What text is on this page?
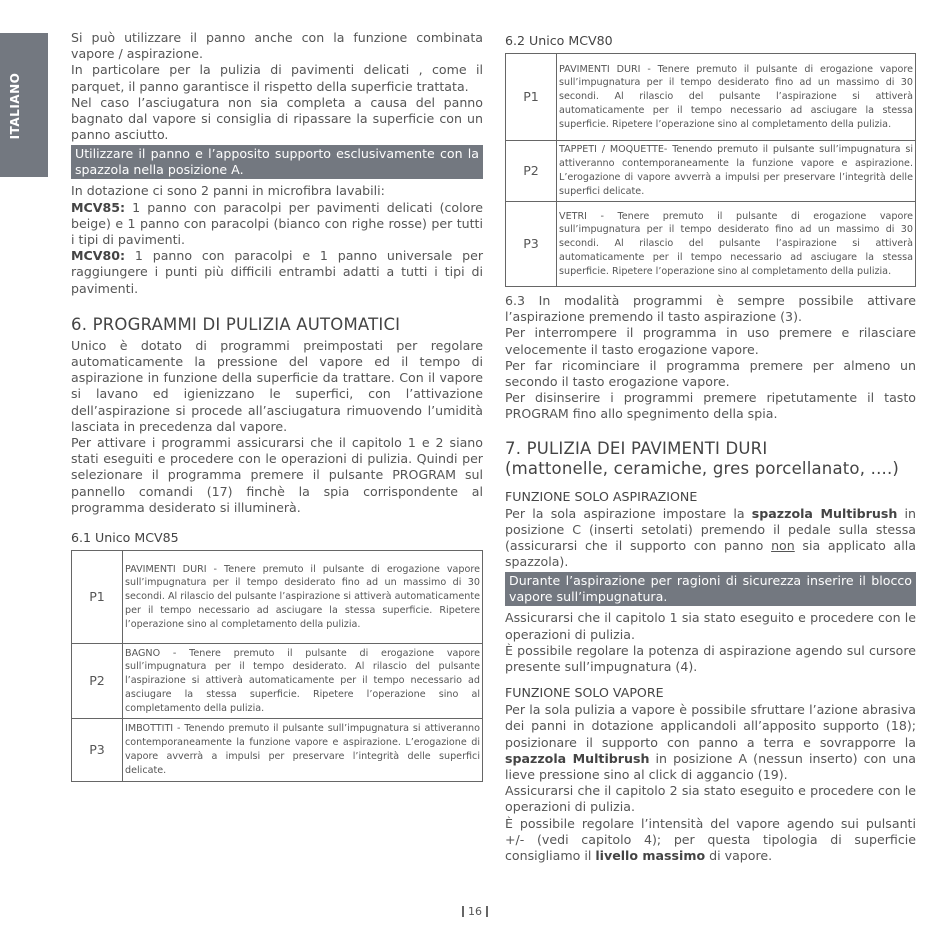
ITALIANO

Si può utilizzare il panno anche con la funzione combinata vapore / aspirazione.

In particolare per la pulizia di pavimenti delicati , come il parquet, il panno garantisce il rispetto della superficie trattata.

Nel caso l’asciugatura non sia completa a causa del panno bagnato dal vapore si consiglia di ripassare la superficie con un panno asciutto.

Utilizzare il panno e l’apposito supporto esclusivamente con la spazzola nella posizione A.

In dotazione ci sono 2 panni in microfibra lavabili:

MCV85: 1 panno con paracolpi per pavimenti delicati (colore beige) e 1 panno con paracolpi (bianco con righe rosse) per tutti i tipi di pavimenti.

MCV80: 1 panno con paracolpi e 1 panno universale per raggiungere i punti più difficili entrambi adatti a tutti i tipi di pavimenti.

6. PROGRAMMI DI PULIZIA AUTOMATICI

Unico è dotato di programmi preimpostati per regolare automaticamente la pressione del vapore ed il tempo di aspirazione in funzione della superficie da trattare. Con il vapore si lavano ed igienizzano le superfici, con l’attivazione dell’aspirazione si procede all’asciugatura rimuovendo l’umidità lasciata in precedenza dal vapore.

Per attivare i programmi assicurarsi che il capitolo 1 e 2 siano stati eseguiti e procedere con le operazioni di pulizia. Quindi per selezionare il programma premere il pulsante PROGRAM sul pannello comandi (17) finchè la spia corrispondente al programma desiderato si illuminerà.

6.1 Unico MCV85
P1	PAVIMENTI DURI - Tenere premuto il pulsante di erogazione vapore sull’impugnatura per il tempo desiderato fino ad un massimo di 30 secondi. Al rilascio del pulsante l’aspirazione si attiverà automaticamente per il tempo necessario ad asciugare la stessa superficie. Ripetere l’operazione sino al completamento della pulizia.
P2	BAGNO - Tenere premuto il pulsante di erogazione vapore sull’impugnatura per il tempo desiderato. Al rilascio del pulsante l’aspirazione si attiverà automaticamente per il tempo necessario ad asciugare la stessa superficie. Ripetere l’operazione sino al completamento della pulizia.
P3	IMBOTTITI - Tenendo premuto il pulsante sull’impugnatura si attiveranno contemporaneamente la funzione vapore e aspirazione. L’erogazione di vapore avverrà a impulsi per preservare l’integrità delle superfici delicate.
6.2 Unico MCV80
P1	PAVIMENTI DURI - Tenere premuto il pulsante di erogazione vapore sull’impugnatura per il tempo desiderato fino ad un massimo di 30 secondi. Al rilascio del pulsante l’aspirazione si attiverà automaticamente per il tempo necessario ad asciugare la stessa superficie. Ripetere l’operazione sino al completamento della pulizia.
P2	TAPPETI / MOQUETTE- Tenendo premuto il pulsante sull’impugnatura si attiveranno contemporaneamente la funzione vapore e aspirazione. L’erogazione di vapore avverrà a impulsi per preservare l’integrità delle superfici delicate.
P3	VETRI - Tenere premuto il pulsante di erogazione vapore sull’impugnatura per il tempo desiderato fino ad un massimo di 30 secondi. Al rilascio del pulsante l’aspirazione si attiverà automaticamente per il tempo necessario ad asciugare la stessa superficie. Ripetere l’operazione sino al completamento della pulizia.

6.3 In modalità programmi è sempre possibile attivare l’aspirazione premendo il tasto aspirazione (3).

Per interrompere il programma in uso premere e rilasciare velocemente il tasto erogazione vapore.

Per far ricominciare il programma premere per almeno un secondo il tasto erogazione vapore.

Per disinserire i programmi premere ripetutamente il tasto PROGRAM fino allo spegnimento della spia.

7. PULIZIA DEI PAVIMENTI DURI
(mattonelle, ceramiche, gres porcellanato, ....)
FUNZIONE SOLO ASPIRAZIONE

Per la sola aspirazione impostare la spazzola Multibrush in posizione C (inserti setolati) premendo il pedale sulla stessa (assicurarsi che il supporto con panno non sia applicato alla spazzola).

Durante l’aspirazione per ragioni di sicurezza inserire il blocco vapore sull’impugnatura.

Assicurarsi che il capitolo 1 sia stato eseguito e procedere con le operazioni di pulizia.

È possibile regolare la potenza di aspirazione agendo sul cursore presente sull’impugnatura (4).

FUNZIONE SOLO VAPORE

Per la sola pulizia a vapore è possibile sfruttare l’azione abrasiva dei panni in dotazione applicandoli all’apposito supporto (18); posizionare il supporto con panno a terra e sovrapporre la spazzola Multibrush in posizione A (nessun inserto) con una lieve pressione sino al click di aggancio (19).

Assicurarsi che il capitolo 2 sia stato eseguito e procedere con le operazioni di pulizia.

È possibile regolare l’intensità del vapore agendo sui pulsanti +/- (vedi capitolo 4); per questa tipologia di superficie consigliamo il livello massimo di vapore.

16
